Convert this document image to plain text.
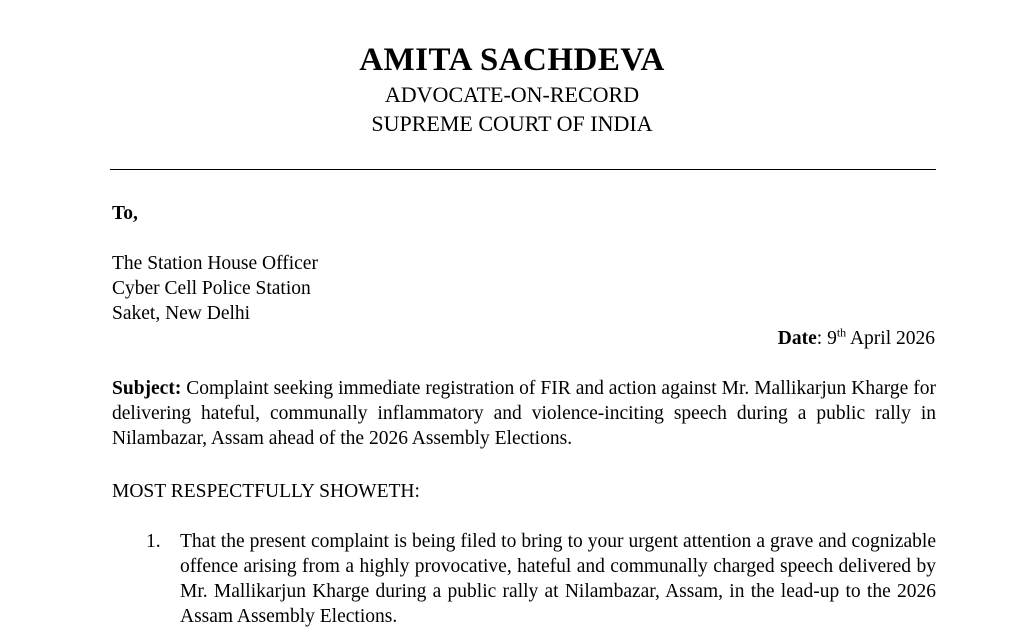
AMITA SACHDEVA
ADVOCATE-ON-RECORD
SUPREME COURT OF INDIA
To,
The Station House Officer
Cyber Cell Police Station
Saket, New Delhi
Date: 9th April 2026
Subject: Complaint seeking immediate registration of FIR and action against Mr. Mallikarjun Kharge for delivering hateful, communally inflammatory and violence-inciting speech during a public rally in Nilambazar, Assam ahead of the 2026 Assembly Elections.
MOST RESPECTFULLY SHOWETH:
1. That the present complaint is being filed to bring to your urgent attention a grave and cognizable offence arising from a highly provocative, hateful and communally charged speech delivered by Mr. Mallikarjun Kharge during a public rally at Nilambazar, Assam, in the lead-up to the 2026 Assam Assembly Elections.
